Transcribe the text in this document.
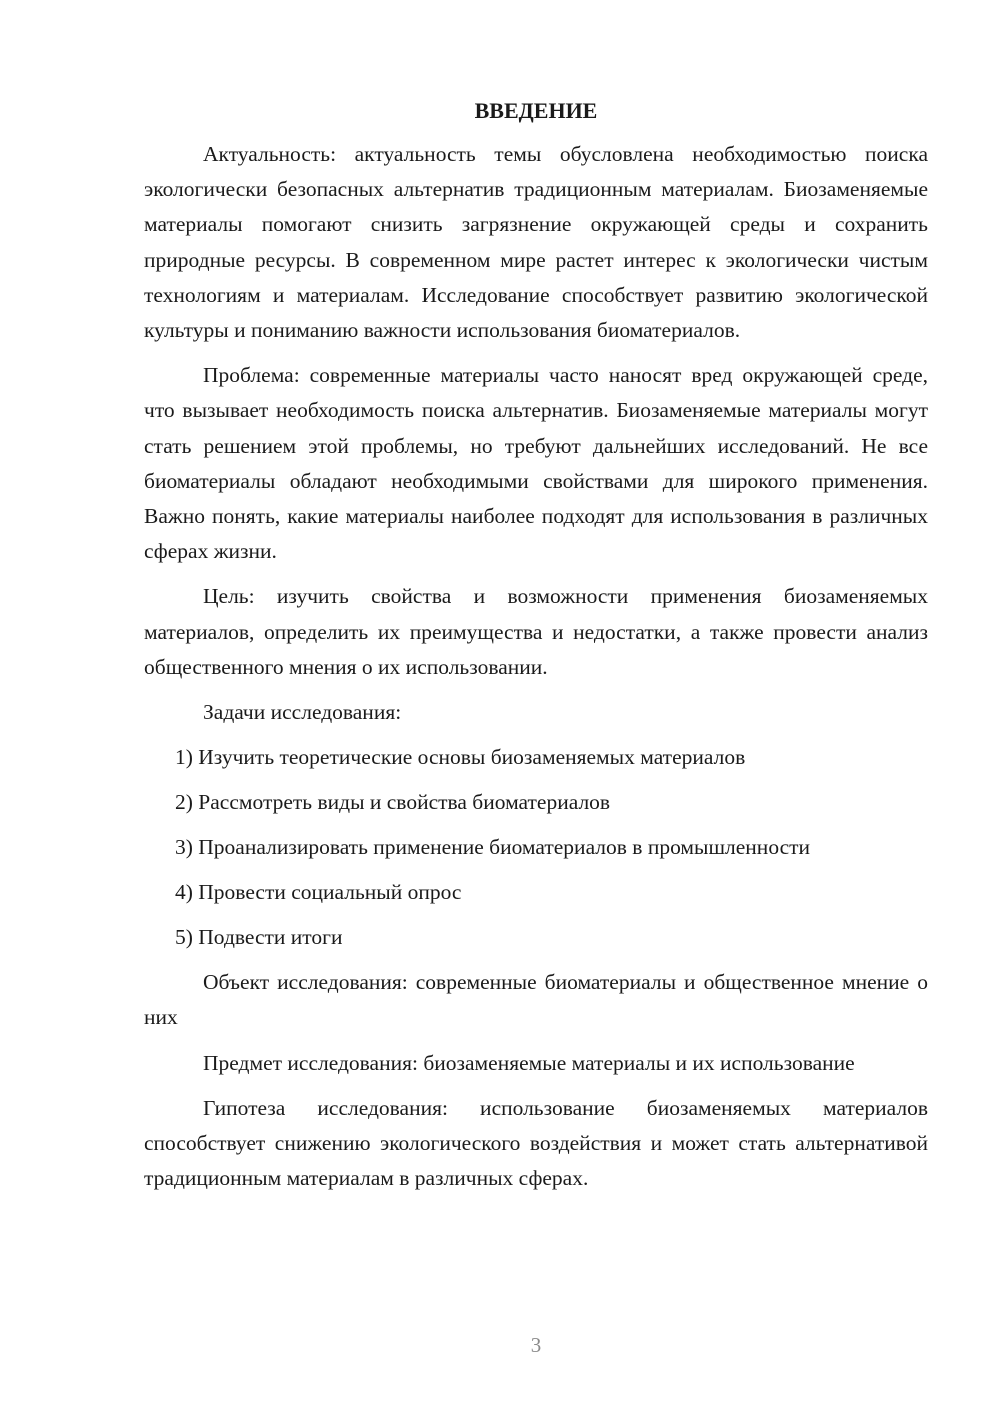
ВВЕДЕНИЕ

Актуальность: актуальность темы обусловлена необходимостью поиска экологически безопасных альтернатив традиционным материалам. Биозаменяемые материалы помогают снизить загрязнение окружающей среды и сохранить природные ресурсы. В современном мире растет интерес к экологически чистым технологиям и материалам. Исследование способствует развитию экологической культуры и пониманию важности использования биоматериалов.

Проблема: современные материалы часто наносят вред окружающей среде, что вызывает необходимость поиска альтернатив. Биозаменяемые материалы могут стать решением этой проблемы, но требуют дальнейших исследований. Не все биоматериалы обладают необходимыми свойствами для широкого применения. Важно понять, какие материалы наиболее подходят для использования в различных сферах жизни.

Цель: изучить свойства и возможности применения биозаменяемых материалов, определить их преимущества и недостатки, а также провести анализ общественного мнения о их использовании.

Задачи исследования:

1) Изучить теоретические основы биозаменяемых материалов
2) Рассмотреть виды и свойства биоматериалов
3) Проанализировать применение биоматериалов в промышленности
4) Провести социальный опрос
5) Подвести итоги

Объект исследования: современные биоматериалы и общественное мнение о них

Предмет исследования: биозаменяемые материалы и их использование

Гипотеза исследования: использование биозаменяемых материалов способствует снижению экологического воздействия и может стать альтернативой традиционным материалам в различных сферах.

3
